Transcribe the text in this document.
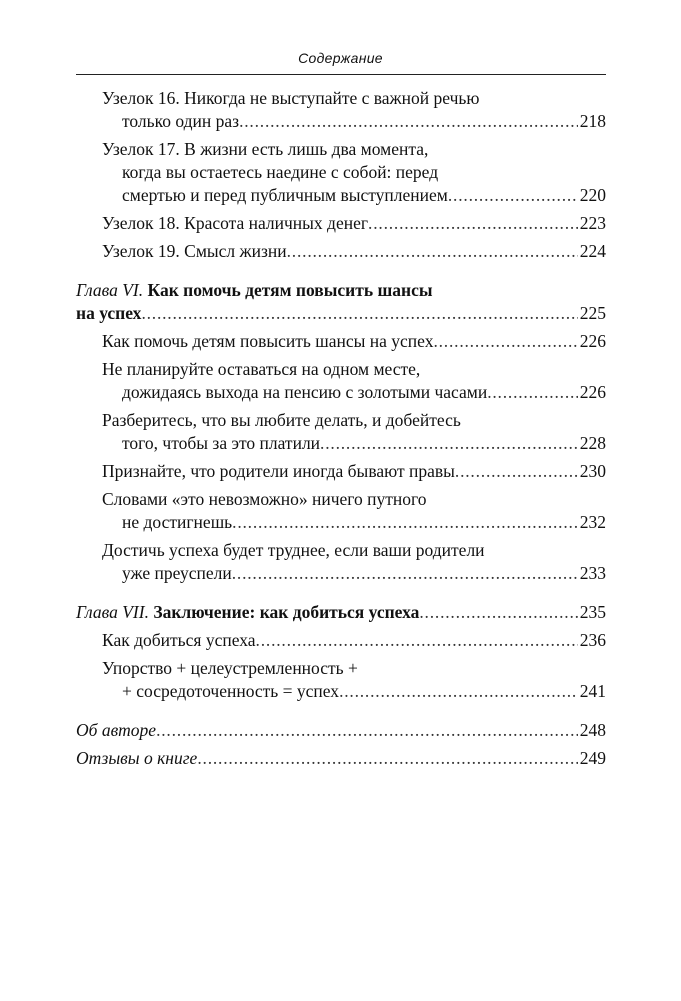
Содержание
Узелок 16. Никогда не выступайте с важной речью
только один раз .....	218
Узелок 17. В жизни есть лишь два момента,
когда вы остаетесь наедине с собой: перед
смертью и перед публичным выступлением .....	220
Узелок 18. Красота наличных денег .....	223
Узелок 19. Смысл жизни .....	224
Глава VI. Как помочь детям повысить шансы
на успех .....	225
Как помочь детям повысить шансы на успех .....	226
Не планируйте оставаться на одном месте,
дожидаясь выхода на пенсию с золотыми часами .....	226
Разберитесь, что вы любите делать, и добейтесь
того, чтобы за это платили .....	228
Признайте, что родители иногда бывают правы .....	230
Словами «это невозможно» ничего путного
не достигнешь .....	232
Достичь успеха будет труднее, если ваши родители
уже преуспели .....	233
Глава VII.
Заключение: как добиться успеха .....	235
Как добиться успеха .....	236
Упорство + целеустремленность +
+ сосредоточенность = успех .....	241
Об авторе .....	248
Отзывы о книге .....	249
